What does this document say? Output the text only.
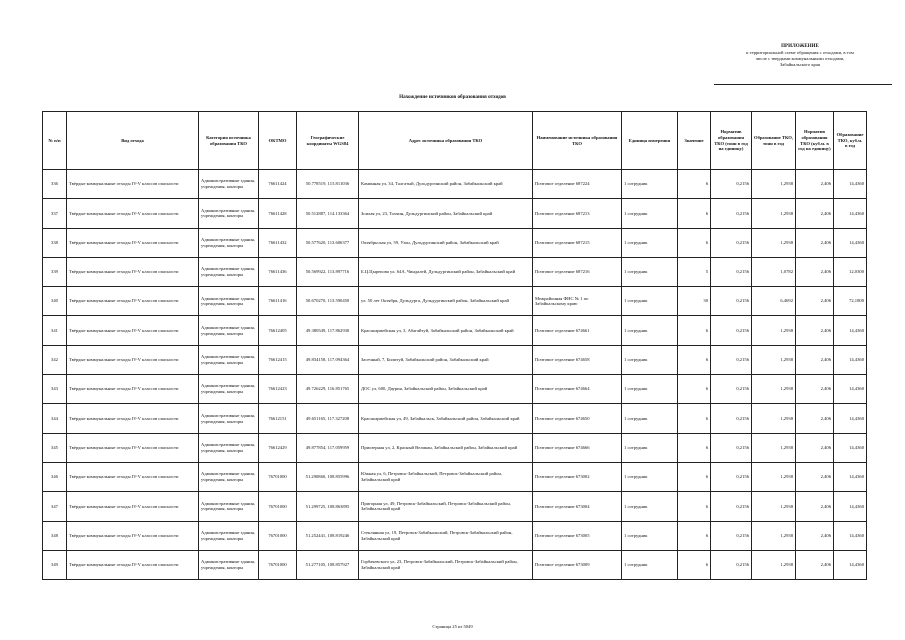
ПРИЛОЖЕНИЕ
к территориальной схеме обращения с отходами, в том
числе с твердыми коммунальными отходами,
Забайкальского края
Нахождение источников образования отходов
№ п/п	Вид отхода	Категория источника образования ТКО	ОКТМО	Географические координаты WGS84	Адрес источника образования ТКО	Наименование источника образования ТКО	Единица измерения	Значение	Норматив образования ТКО (тонн в год на единицу)	Образование ТКО, тонн в год	Норматив образования ТКО (куб.м. в год на единицу)	Образование ТКО, куб.м. в год
336	Твёрдые коммунальные отходы IV-V классов опасности	Административные здания, учреждения, конторы	76611424	50.778519, 115.811036	Каминная ул, 34, Талгатый, Дульдургинский район, Забайкальский край	Почтовое отделение 687224	1 сотрудник	6	0,2156	1,2938	2,406	14,4360
337	Твёрдые коммунальные отходы IV-V классов опасности	Административные здания, учреждения, конторы	76611428	50.512887, 114.133364	Зоилая ул, 23, Тохчин, Дульдургинский район, Забайкальский край	Почтовое отделение 687213	1 сотрудник	6	0,2156	1,2938	2,406	14,4360
338	Твёрдые коммунальные отходы IV-V классов опасности	Административные здания, учреждения, конторы	76611432	50.577620, 113.606377	Октябрьская ул, 59, Узон, Дульдургинский район, Забайкальский край	Почтовое отделение 687215	1 сотрудник	6	0,2156	1,2938	2,406	14,4360
339	Твёрдые коммунальные отходы IV-V классов опасности	Административные здания, учреждения, конторы	76611436	50.569922, 113.897716	Б.Ц.Цырепова ул, 64А, Чиндалей, Дульдургинский район, Забайкальский край	Почтовое отделение 687216	1 сотрудник	5	0,2156	1,0782	2,406	12,0300
340	Твёрдые коммунальные отходы IV-V классов опасности	Административные здания, учреждения, конторы	76611416	50.670270, 113.590450	ул. 50 лет Октября, Дульдурга, Дульдургинский район, Забайкальский край	Межрайонная ФНС № 1 по Забайкальскому краю	1 сотрудник	30	0,2156	6,4692	2,406	72,1800
341	Твёрдые коммунальные отходы IV-V классов опасности	Административные здания, учреждения, конторы	76612405	49.380549, 117.862930	Красноармейская ул, 3, Абагайтуй, Забайкальский район, Забайкальский край	Почтовое отделение 674661	1 сотрудник	6	0,2156	1,2938	2,406	14,4360
342	Твёрдые коммунальные отходы IV-V классов опасности	Административные здания, учреждения, конторы	76612415	49.834158, 117.094364	Засечный, 7, Билитуй, Забайкальский район, Забайкальский край	Почтовое отделение 674658	1 сотрудник	6	0,2156	1,2938	2,406	14,4360
343	Твёрдые коммунальные отходы IV-V классов опасности	Административные здания, учреждения, конторы	76612423	49.726229, 116.851765	ДОС ул, 600, Даурия, Забайкальский район, Забайкальский край	Почтовое отделение 674664	1 сотрудник	6	0,2156	1,2938	2,406	14,4360
344	Твёрдые коммунальные отходы IV-V классов опасности	Административные здания, учреждения, конторы	76612151	49.651165, 117.327208	Красноармейская ул, 49, Забайкальск, Забайкальский район, Забайкальский край	Почтовое отделение 674650	1 сотрудник	6	0,2156	1,2938	2,406	14,4360
345	Твёрдые коммунальные отходы IV-V классов опасности	Административные здания, учреждения, конторы	76612429	49.877854, 117.059959	Приозерная ул, 2, Красный Великан, Забайкальский район, Забайкальский край	Почтовое отделение 674666	1 сотрудник	6	0,2156	1,2938	2,406	14,4360
346	Твёрдые коммунальные отходы IV-V классов опасности	Административные здания, учреждения, конторы	76701000	51.290860, 108.855996	Южная ул, 6, Петровск-Забайкальский, Петровск-Забайкальский район, Забайкальский край	Почтовое отделение 673002	1 сотрудник	6	0,2156	1,2938	2,406	14,4360
347	Твёрдые коммунальные отходы IV-V классов опасности	Административные здания, учреждения, конторы	76701000	51.299725, 108.863895	Пригорная ул, 49, Петровск-Забайкальский, Петровск-Забайкальский район, Забайкальский край	Почтовое отделение 673004	1 сотрудник	6	0,2156	1,2938	2,406	14,4360
348	Твёрдые коммунальные отходы IV-V классов опасности	Административные здания, учреждения, конторы	76701000	51.252441, 108.819246	Стеклянная ул, 19, Петровск-Забайкальский, Петровск-Забайкальский район, Забайкальский край	Почтовое отделение 673005	1 сотрудник	6	0,2156	1,2938	2,406	14,4360
349	Твёрдые коммунальные отходы IV-V классов опасности	Административные здания, учреждения, конторы	76701000	51.277105, 108.857927	Горбачевского ул, 23, Петровск-Забайкальский, Петровск-Забайкальский район, Забайкальский край	Почтовое отделение 673009	1 сотрудник	6	0,2156	1,2938	2,406	14,4360
Страница 25 из 5049
